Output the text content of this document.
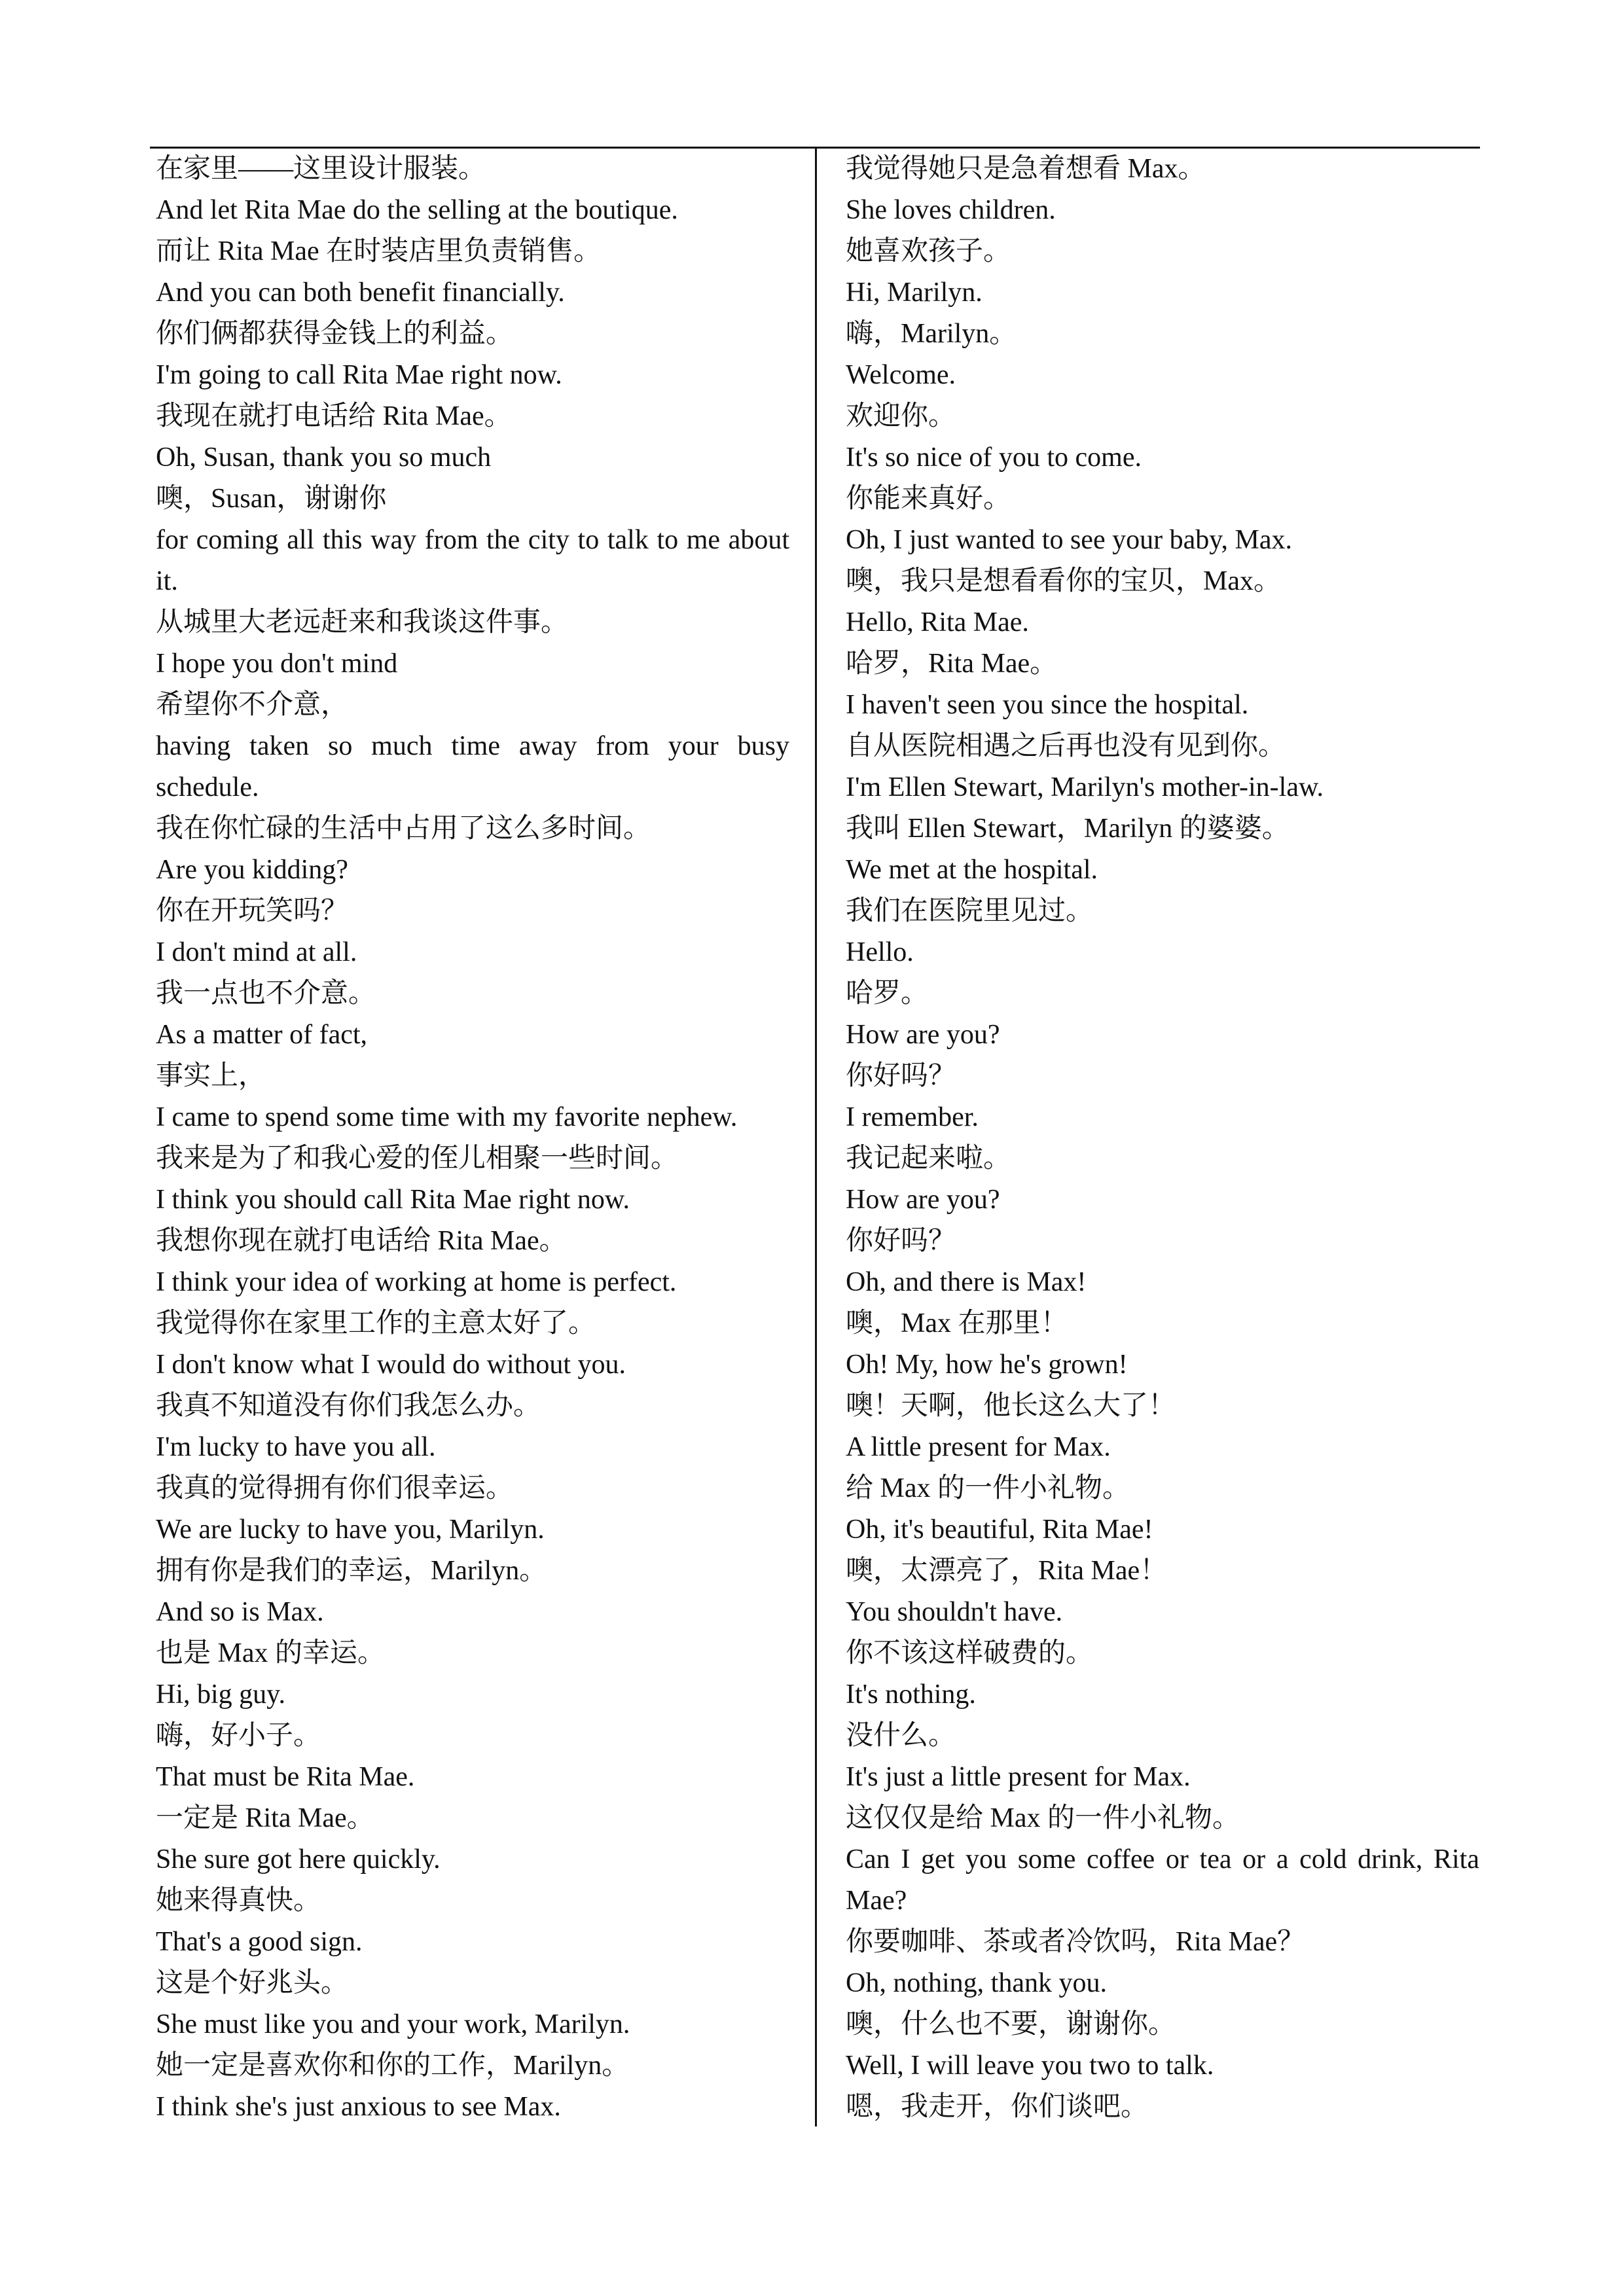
在家里——这里设计服装。
And let Rita Mae do the selling at the boutique.
而让 Rita Mae 在时装店里负责销售。
And you can both benefit financially.
你们俩都获得金钱上的利益。
I'm going to call Rita Mae right now.
我现在就打电话给 Rita Mae。
Oh, Susan, thank you so much
噢，Susan，谢谢你
for coming all this way from the city to talk to me about it.
从城里大老远赶来和我谈这件事。
I hope you don't mind
希望你不介意，
having taken so much time away from your busy schedule.
我在你忙碌的生活中占用了这么多时间。
Are you kidding?
你在开玩笑吗？
I don't mind at all.
我一点也不介意。
As a matter of fact,
事实上，
I came to spend some time with my favorite nephew.
我来是为了和我心爱的侄儿相聚一些时间。
I think you should call Rita Mae right now.
我想你现在就打电话给 Rita Mae。
I think your idea of working at home is perfect.
我觉得你在家里工作的主意太好了。
I don't know what I would do without you.
我真不知道没有你们我怎么办。
I'm lucky to have you all.
我真的觉得拥有你们很幸运。
We are lucky to have you, Marilyn.
拥有你是我们的幸运，Marilyn。
And so is Max.
也是 Max 的幸运。
Hi, big guy.
嗨，好小子。
That must be Rita Mae.
一定是 Rita Mae。
She sure got here quickly.
她来得真快。
That's a good sign.
这是个好兆头。
She must like you and your work, Marilyn.
她一定是喜欢你和你的工作，Marilyn。
I think she's just anxious to see Max.
我觉得她只是急着想看 Max。
She loves children.
她喜欢孩子。
Hi, Marilyn.
嗨，Marilyn。
Welcome.
欢迎你。
It's so nice of you to come.
你能来真好。
Oh, I just wanted to see your baby, Max.
噢，我只是想看看你的宝贝，Max。
Hello, Rita Mae.
哈罗，Rita Mae。
I haven't seen you since the hospital.
自从医院相遇之后再也没有见到你。
I'm Ellen Stewart, Marilyn's mother-in-law.
我叫 Ellen Stewart，Marilyn 的婆婆。
We met at the hospital.
我们在医院里见过。
Hello.
哈罗。
How are you?
你好吗？
I remember.
我记起来啦。
How are you?
你好吗？
Oh, and there is Max!
噢，Max 在那里！
Oh! My, how he's grown!
噢！天啊，他长这么大了！
A little present for Max.
给 Max 的一件小礼物。
Oh, it's beautiful, Rita Mae!
噢，太漂亮了，Rita Mae！
You shouldn't have.
你不该这样破费的。
It's nothing.
没什么。
It's just a little present for Max.
这仅仅是给 Max 的一件小礼物。
Can I get you some coffee or tea or a cold drink, Rita Mae?
你要咖啡、茶或者冷饮吗，Rita Mae？
Oh, nothing, thank you.
噢，什么也不要，谢谢你。
Well, I will leave you two to talk.
嗯，我走开，你们谈吧。
